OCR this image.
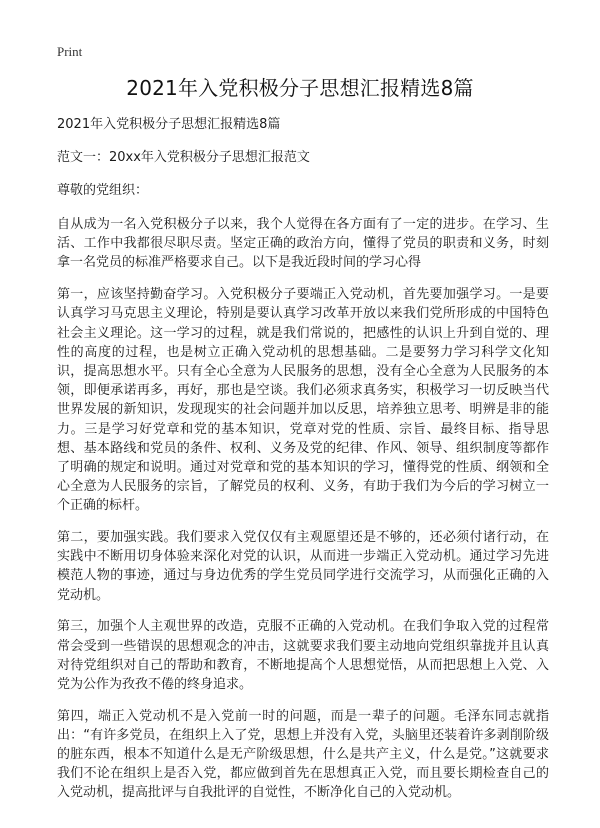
Print
2021年入党积极分子思想汇报精选8篇
2021年入党积极分子思想汇报精选8篇
范文一：20xx年入党积极分子思想汇报范文
尊敬的党组织：

自从成为一名入党积极分子以来，我个人觉得在各方面有了一定的进步。在学习、生活、工作中我都很尽职尽责。坚定正确的政治方向，懂得了党员的职责和义务，时刻拿一名党员的标准严格要求自己。以下是我近段时间的学习心得

第一，应该坚持勤奋学习。入党积极分子要端正入党动机，首先要加强学习。一是要认真学习马克思主义理论，特别是要认真学习改革开放以来我们党所形成的中国特色社会主义理论。这一学习的过程，就是我们常说的，把感性的认识上升到自觉的、理性的高度的过程，也是树立正确入党动机的思想基础。二是要努力学习科学文化知识，提高思想水平。只有全心全意为人民服务的思想，没有全心全意为人民服务的本领，即便承诺再多，再好，那也是空谈。我们必须求真务实，积极学习一切反映当代世界发展的新知识，发现现实的社会问题并加以反思，培养独立思考、明辨是非的能力。三是学习好党章和党的基本知识，党章对党的性质、宗旨、最终目标、指导思想、基本路线和党员的条件、权利、义务及党的纪律、作风、领导、组织制度等都作了明确的规定和说明。通过对党章和党的基本知识的学习，懂得党的性质、纲领和全心全意为人民服务的宗旨，了解党员的权利、义务，有助于我们为今后的学习树立一个正确的标杆。

第二，要加强实践。我们要求入党仅仅有主观愿望还是不够的，还必须付诸行动，在实践中不断用切身体验来深化对党的认识，从而进一步端正入党动机。通过学习先进模范人物的事迹，通过与身边优秀的学生党员同学进行交流学习，从而强化正确的入党动机。

第三，加强个人主观世界的改造，克服不正确的入党动机。在我们争取入党的过程常常会受到一些错误的思想观念的冲击，这就要求我们要主动地向党组织靠拢并且认真对待党组织对自己的帮助和教育，不断地提高个人思想觉悟，从而把思想上入党、入党为公作为孜孜不倦的终身追求。

第四，端正入党动机不是入党前一时的问题，而是一辈子的问题。毛泽东同志就指出：“有许多党员，在组织上入了党，思想上并没有入党，头脑里还装着许多剥削阶级的脏东西，根本不知道什么是无产阶级思想，什么是共产主义，什么是党。”这就要求我们不论在组织上是否入党，都应做到首先在思想真正入党，而且要长期检查自己的入党动机，提高批评与自我批评的自觉性，不断净化自己的入党动机。
